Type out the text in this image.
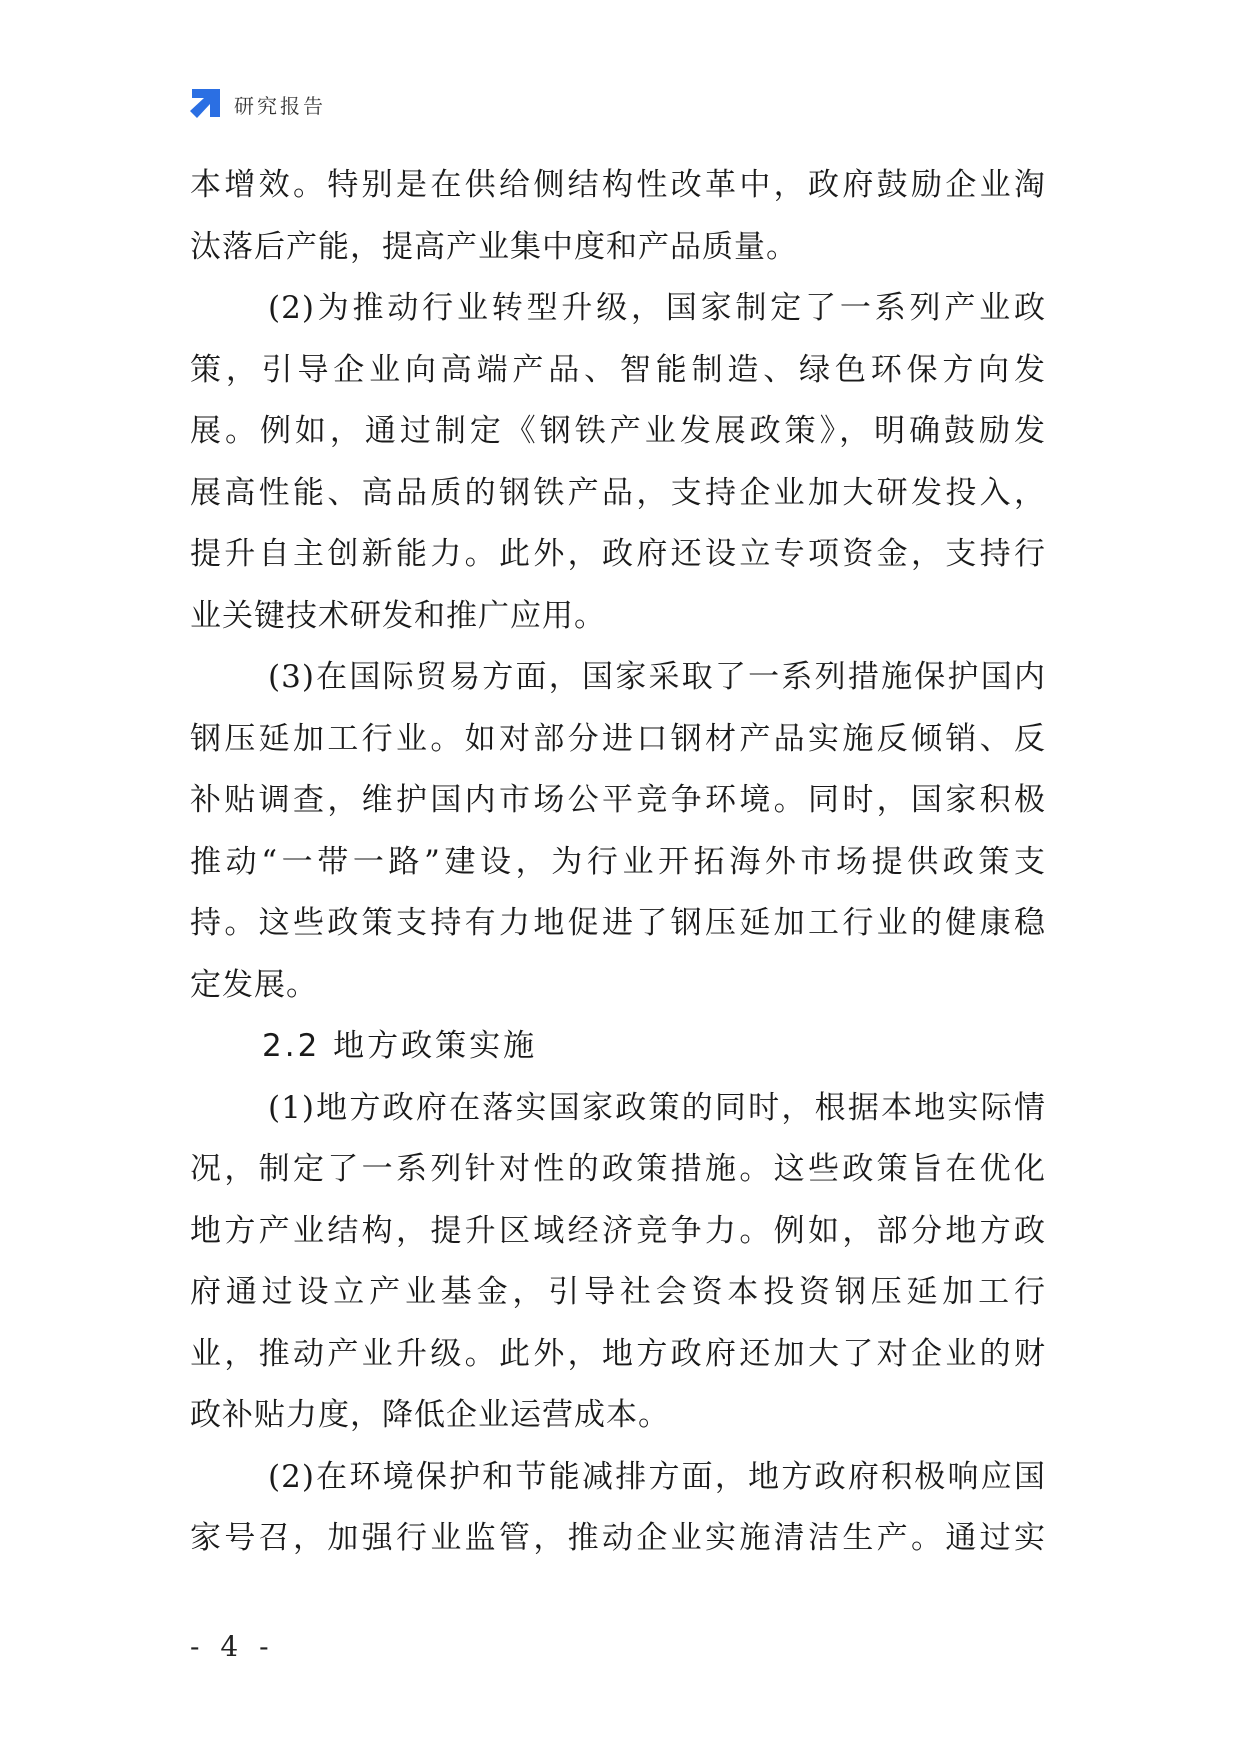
研究报告
本增效。特别是在供给侧结构性改革中，政府鼓励企业淘
汰落后产能，提高产业集中度和产品质量。
(2)为推动行业转型升级，国家制定了一系列产业政
策，引导企业向高端产品、智能制造、绿色环保方向发
展。例如，通过制定《钢铁产业发展政策》，明确鼓励发
展高性能、高品质的钢铁产品，支持企业加大研发投入，
提升自主创新能力。此外，政府还设立专项资金，支持行
业关键技术研发和推广应用。
(3)在国际贸易方面，国家采取了一系列措施保护国内
钢压延加工行业。如对部分进口钢材产品实施反倾销、反
补贴调查，维护国内市场公平竞争环境。同时，国家积极
推动“一带一路”建设，为行业开拓海外市场提供政策支
持。这些政策支持有力地促进了钢压延加工行业的健康稳
定发展。
2.2 地方政策实施
(1)地方政府在落实国家政策的同时，根据本地实际情
况，制定了一系列针对性的政策措施。这些政策旨在优化
地方产业结构，提升区域经济竞争力。例如，部分地方政
府通过设立产业基金，引导社会资本投资钢压延加工行
业，推动产业升级。此外，地方政府还加大了对企业的财
政补贴力度，降低企业运营成本。
(2)在环境保护和节能减排方面，地方政府积极响应国
家号召，加强行业监管，推动企业实施清洁生产。通过实
- 4 -
